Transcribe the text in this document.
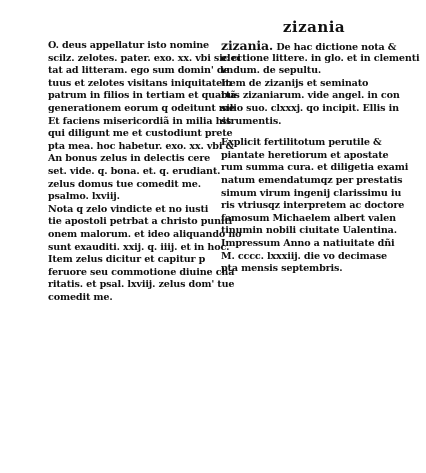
zizania
O. deus appellatur isto nomine
scilz. zelotes. pater. exo. xx. vbi sic ci
tat ad litteram. ego sum domin' de
tuus et zelotes visitans iniquitatem
patrum in filios in tertiam et quartã
generationem eorum q odeitunt me
Et faciens misericordiã in milia his
qui diligunt me et custodiunt prete
pta mea. hoc habetur. exo. xx. vbi &
An bonus zelus in delectis cere
set. vide. q. bona. et. q. erudiant.
zelus domus tue comedit me.
psalmo. lxviij.
Nota q zelo vindicte et no iusti
tie apostoli petrbat a christo puniti
onem malorum. et ideo aliquando no
sunt exauditi. xxij. q. iiij. et in hoc.
Item zelus dicitur et capitur p
feruore seu commotione diuine cha
ritatis. et psal. lxviij. zelus dom' tue
comedit me.
zizania. De hac dictione nota &
electione littere. in glo. et in clementi
vndum. de sepultu.
Item de zizanijs et seminato
bus zizaniarum. vide angel. in con
silio suo. clxxxj. qo incipit. Ellis in
strumentis.
Explicit fertilitotum perutile &
piantate heretiorum et apostate
rum summa cura. et diligetia exami
natum emendatumqz per prestatis
simum virum ingenij clarissimu iu
ris vtriusqz interpretem ac doctore
famosum Michaelem albert valen
tinumin nobili ciuitate Ualentina.
Impressum Anno a natiuitate dñi
M. cccc. lxxxiij. die vo decimase
pta mensis septembris.
